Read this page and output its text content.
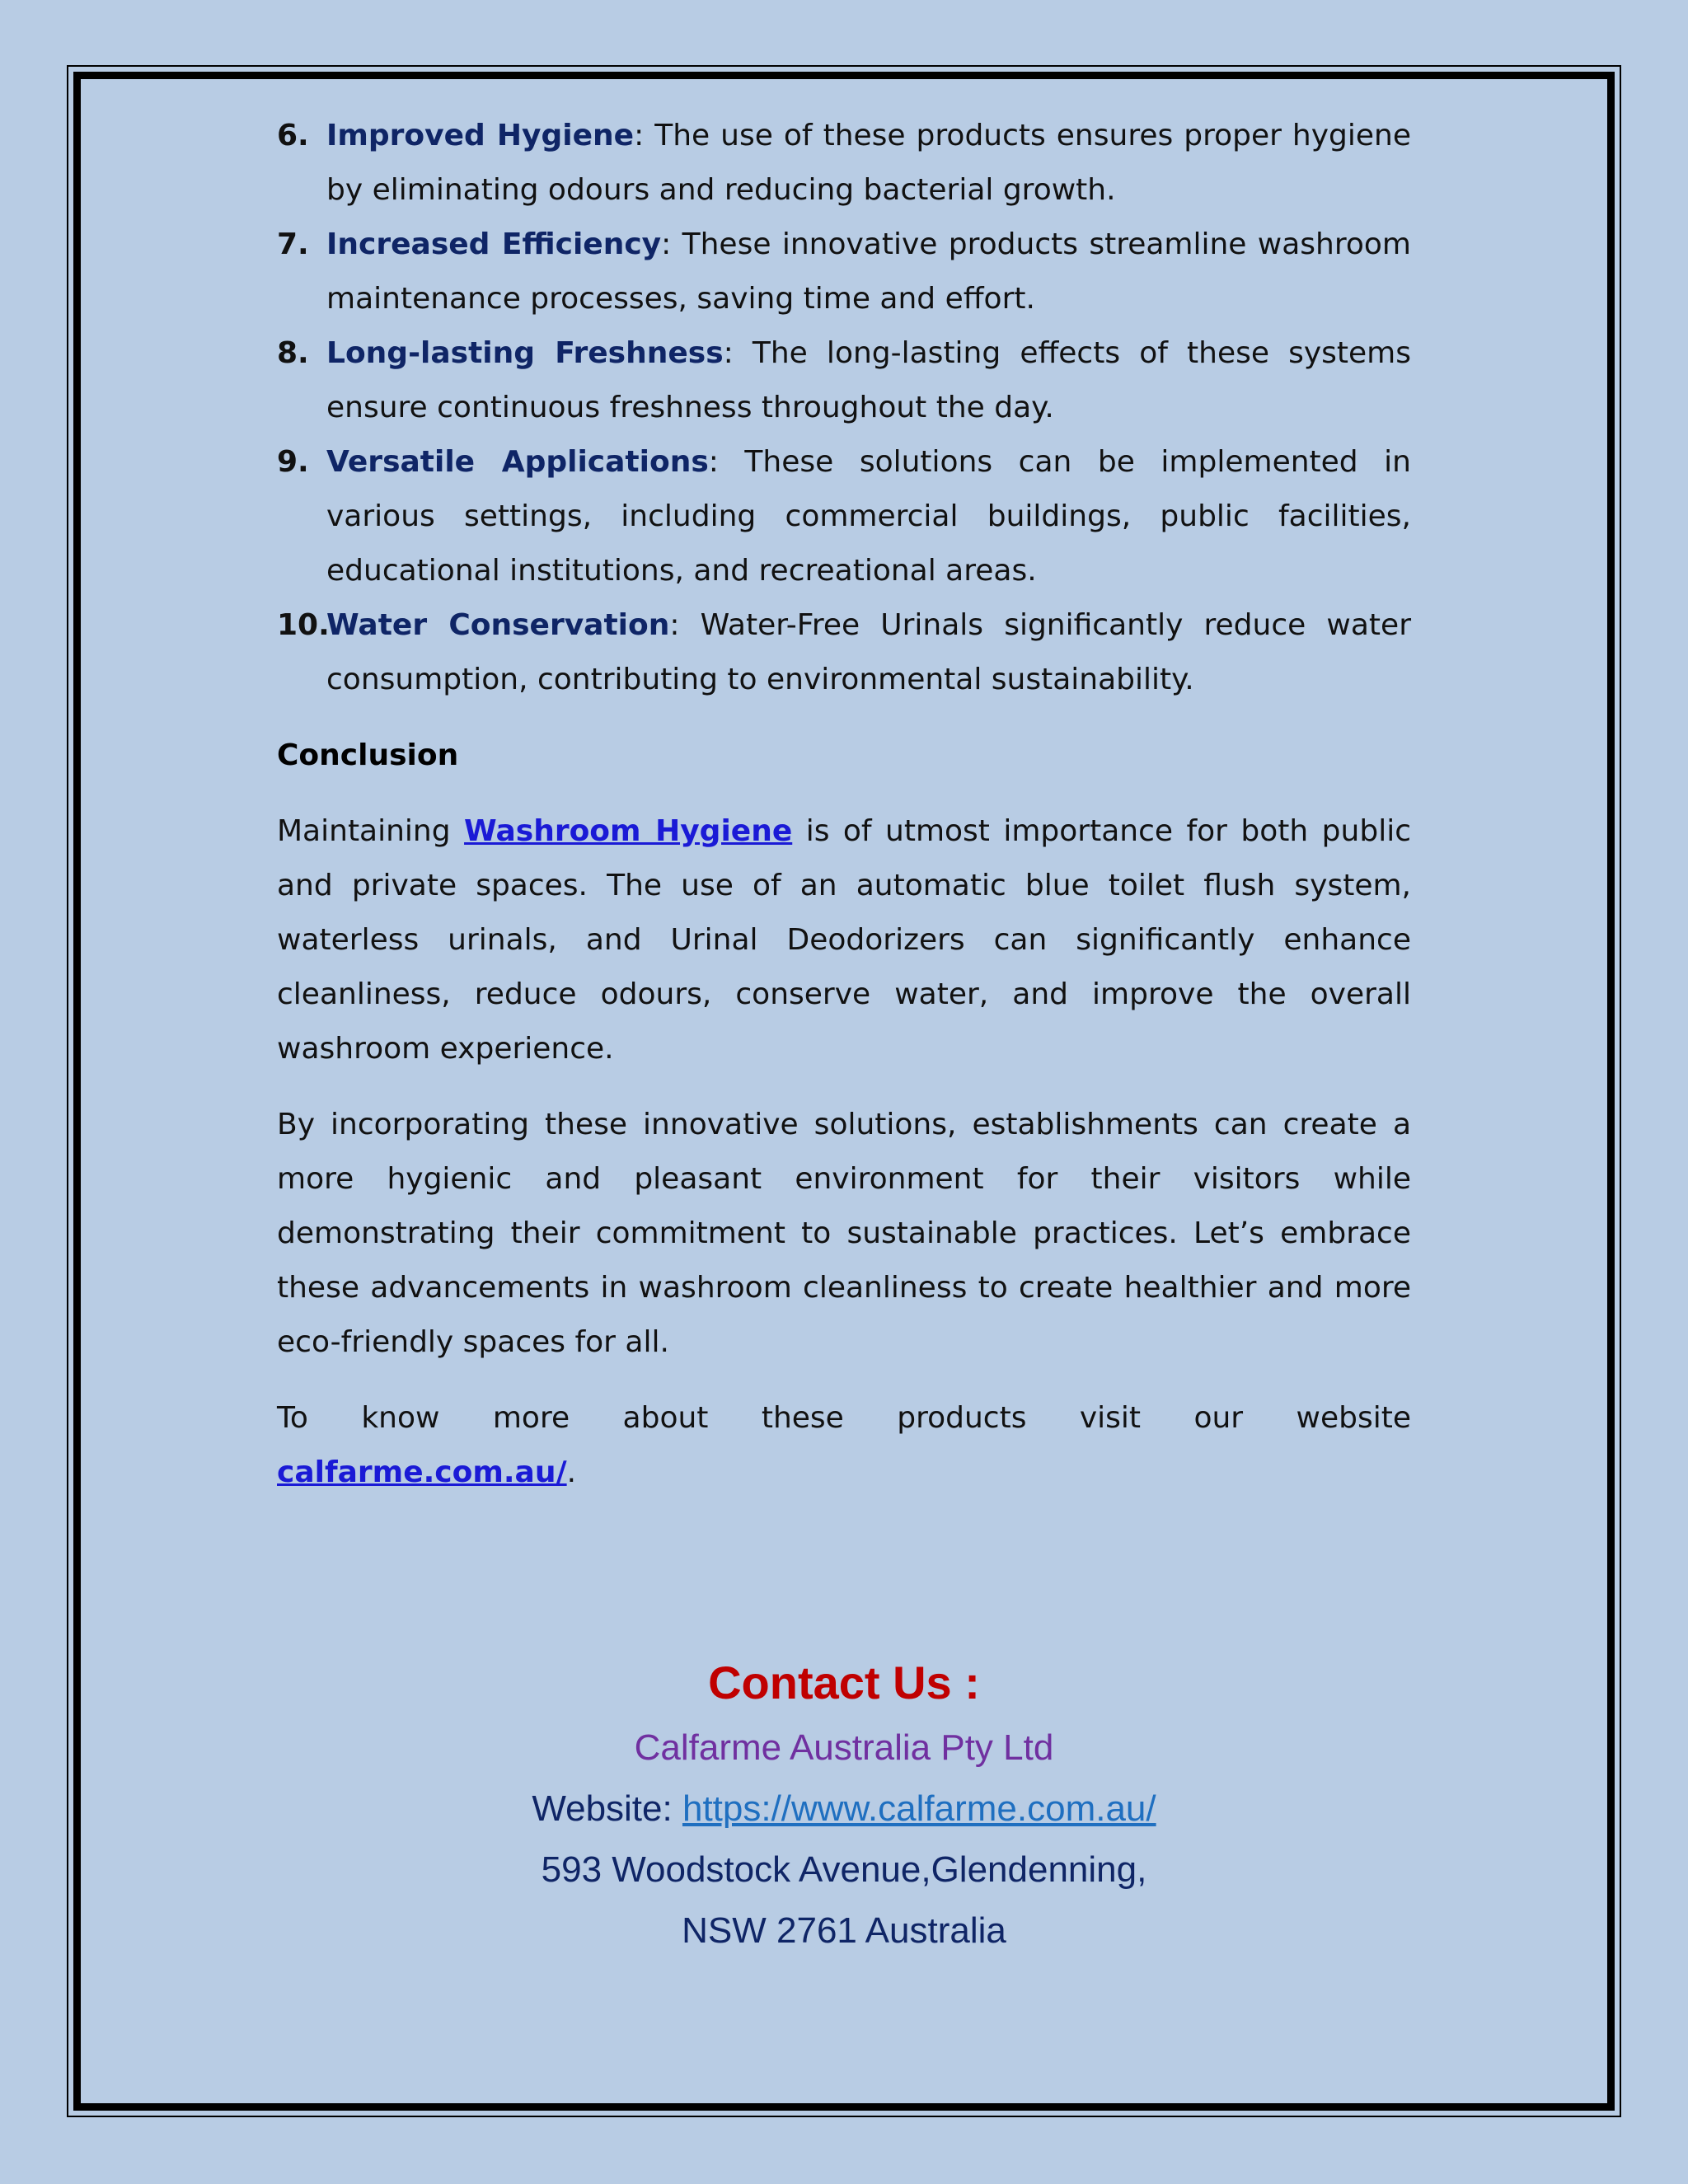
6. Improved Hygiene: The use of these products ensures proper hygiene by eliminating odours and reducing bacterial growth.
7. Increased Efficiency: These innovative products streamline washroom maintenance processes, saving time and effort.
8. Long-lasting Freshness: The long-lasting effects of these systems ensure continuous freshness throughout the day.
9. Versatile Applications: These solutions can be implemented in various settings, including commercial buildings, public facilities, educational institutions, and recreational areas.
10.
Water Conservation: Water-Free Urinals significantly reduce water consumption, contributing to environmental sustainability.
Conclusion
Maintaining Washroom Hygiene is of utmost importance for both public and private spaces. The use of an automatic blue toilet flush system, waterless urinals, and Urinal Deodorizers can significantly enhance cleanliness, reduce odours, conserve water, and improve the overall washroom experience.
By incorporating these innovative solutions, establishments can create a more hygienic and pleasant environment for their visitors while demonstrating their commitment to sustainable practices. Let’s embrace these advancements in washroom cleanliness to create healthier and more eco-friendly spaces for all.
To know more about these products visit our website
calfarme.com.au/.
Contact Us :
Calfarme Australia Pty Ltd
Website: https://www.calfarme.com.au/
593 Woodstock Avenue,Glendenning,
NSW 2761 Australia
